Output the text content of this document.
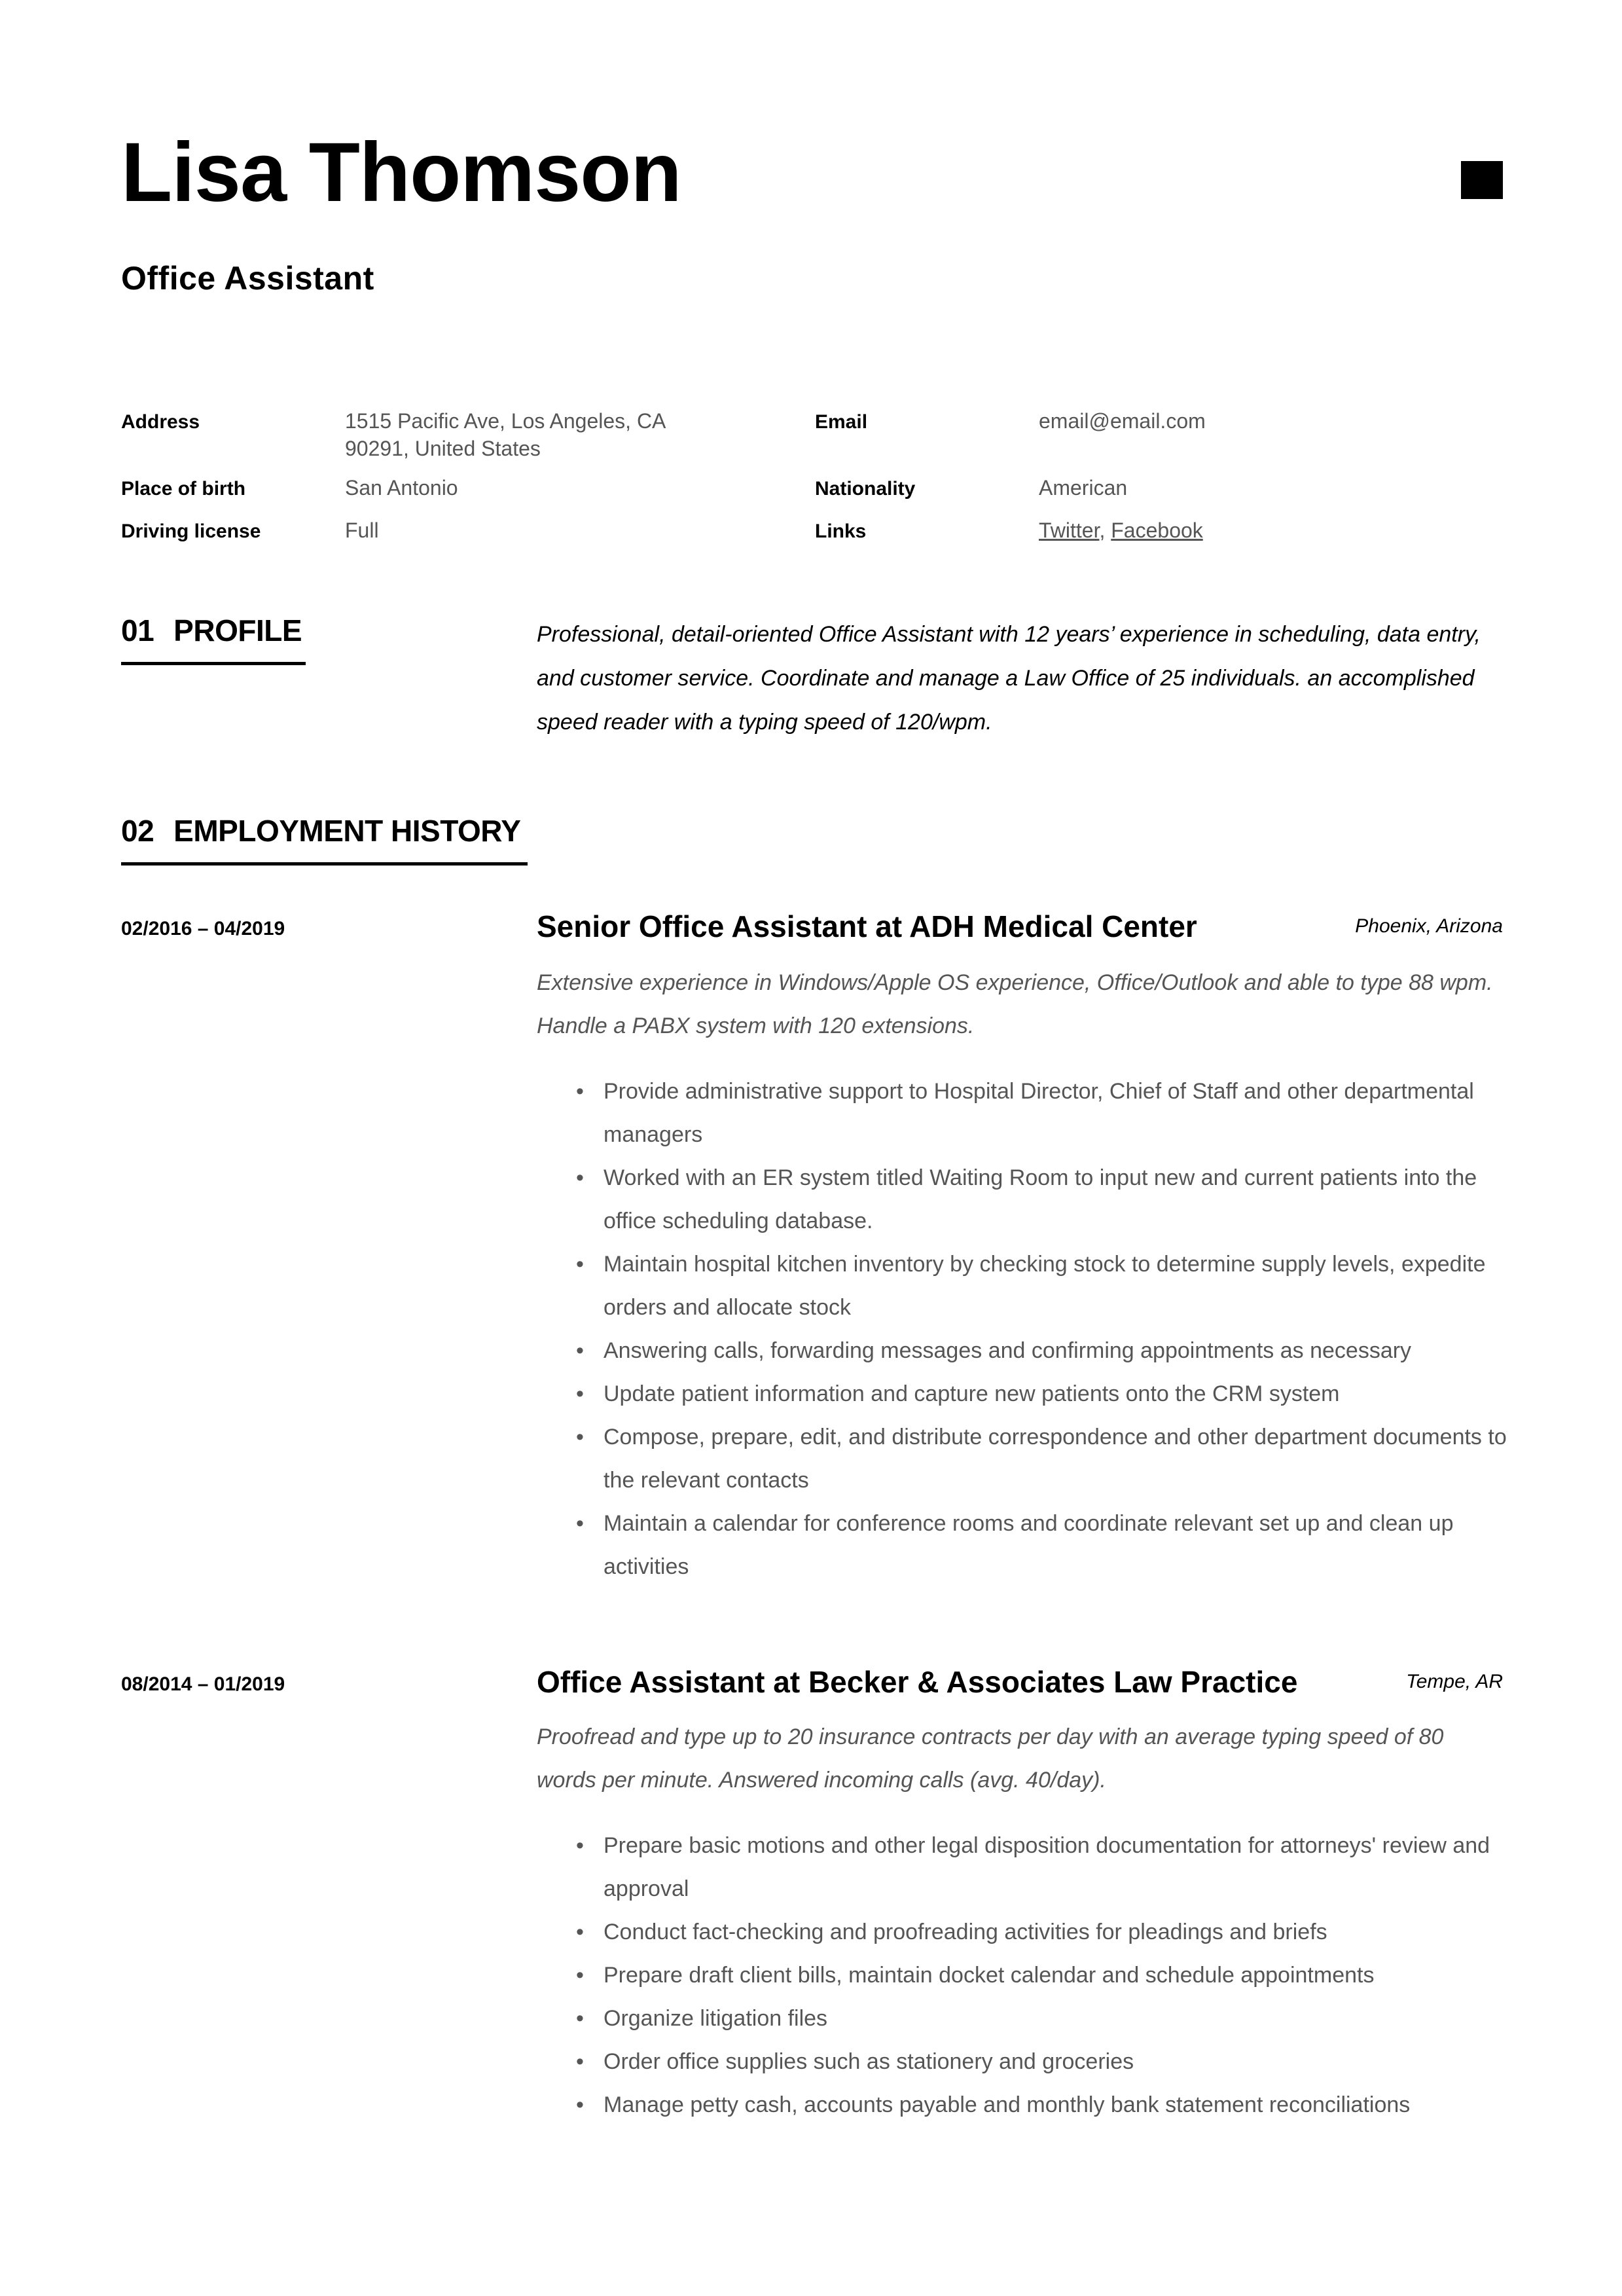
Lisa Thomson
Office Assistant
Address	1515 Pacific Ave, Los Angeles, CA
90291, United States
Email	email@email.com
Place of birth	San Antonio	Nationality	American
Driving license	Full	Links	Twitter, Facebook
01 PROFILE	Professional, detail-oriented Office Assistant with 12 years’ experience in scheduling, data entry, and customer service. Coordinate and manage a Law Office of 25 individuals. an accomplished speed reader with a typing speed of 120/wpm.
02 EMPLOYMENT HISTORY
02/2016 – 04/2019	Senior Office Assistant at ADH Medical Center	Phoenix, Arizona
Extensive experience in Windows/Apple OS experience, Office/Outlook and able to type 88 wpm. Handle a PABX system with 120 extensions.
• Provide administrative support to Hospital Director, Chief of Staff and other departmental managers
• Worked with an ER system titled Waiting Room to input new and current patients into the office scheduling database.
• Maintain hospital kitchen inventory by checking stock to determine supply levels, expedite orders and allocate stock
• Answering calls, forwarding messages and confirming appointments as necessary
• Update patient information and capture new patients onto the CRM system
• Compose, prepare, edit, and distribute correspondence and other department documents to the relevant contacts
• Maintain a calendar for conference rooms and coordinate relevant set up and clean up activities
08/2014 – 01/2019	Office Assistant at Becker & Associates Law Practice	Tempe, AR
Proofread and type up to 20 insurance contracts per day with an average typing speed of 80 words per minute. Answered incoming calls (avg. 40/day).
• Prepare basic motions and other legal disposition documentation for attorneys' review and approval
• Conduct fact-checking and proofreading activities for pleadings and briefs
• Prepare draft client bills, maintain docket calendar and schedule appointments
• Organize litigation files
• Order office supplies such as stationery and groceries
• Manage petty cash, accounts payable and monthly bank statement reconciliations
